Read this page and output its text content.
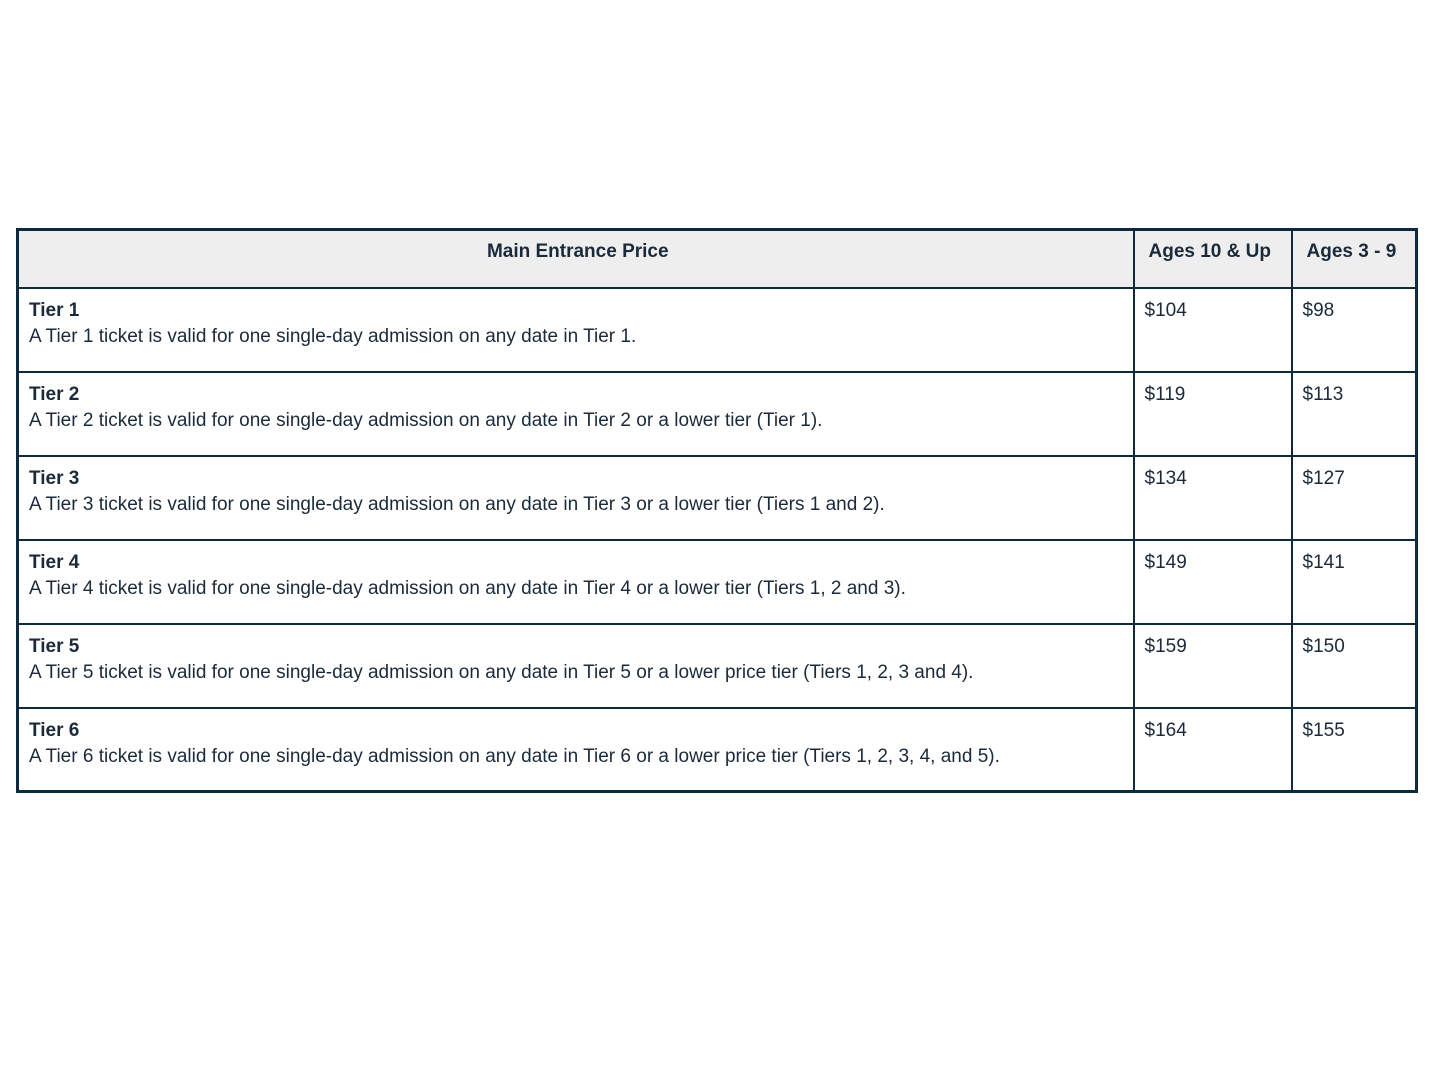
Main Entrance Price	Ages 10 & Up	Ages 3 - 9

Tier 1
A Tier 1 ticket is valid for one single-day admission on any date in Tier 1.	$104	$98

Tier 2
A Tier 2 ticket is valid for one single-day admission on any date in Tier 2 or a lower tier (Tier 1).	$119	$113

Tier 3
A Tier 3 ticket is valid for one single-day admission on any date in Tier 3 or a lower tier (Tiers 1 and 2).	$134	$127

Tier 4
A Tier 4 ticket is valid for one single-day admission on any date in Tier 4 or a lower tier (Tiers 1, 2 and 3).	$149	$141

Tier 5
A Tier 5 ticket is valid for one single-day admission on any date in Tier 5 or a lower price tier (Tiers 1, 2, 3 and 4).	$159	$150

Tier 6
A Tier 6 ticket is valid for one single-day admission on any date in Tier 6 or a lower price tier (Tiers 1, 2, 3, 4, and 5).	$164	$155
